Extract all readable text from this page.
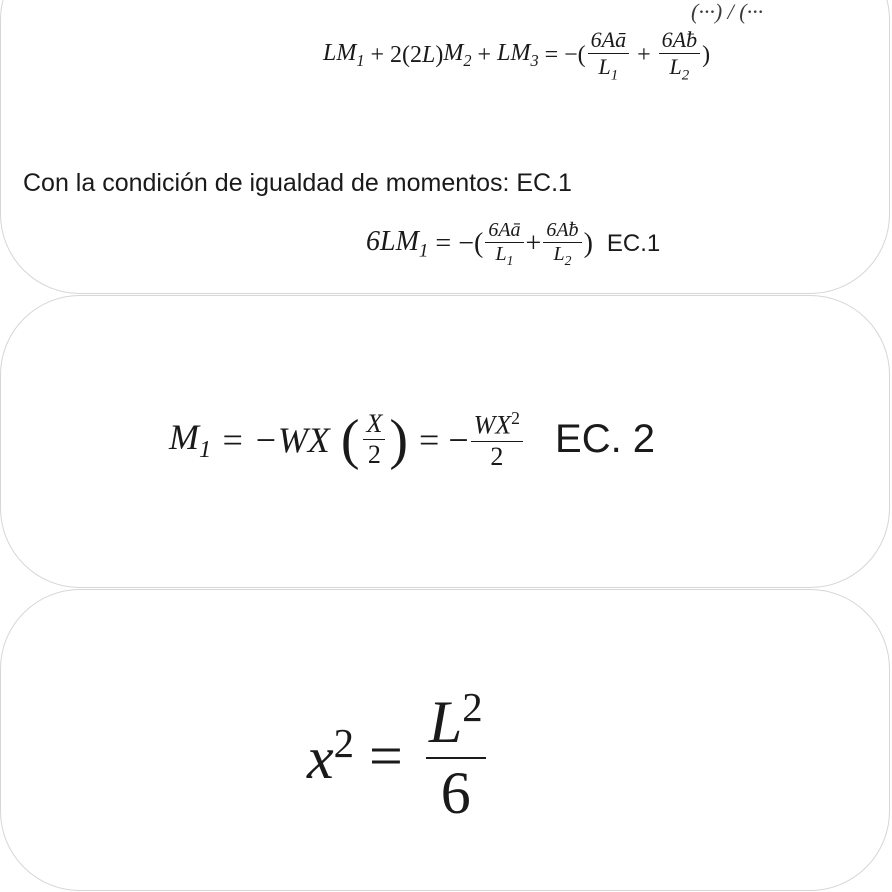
(···) / (···
$LM_1 + 2(2$ L ) $M_2 + LM_3$ = −( $\frac{6Aā}{L_1} + \frac{6Aƀ}{L_2}$ )
Con la condición de igualdad de momentos: EC.1
$6LM_1$ = −( $\frac{6Aā}{L_1} + \frac{6Aƀ}{L_2}$ ) EC.1
$M_1 = -WX$ ( $\frac{X}{2}$ ) = − $\frac{WX^2}{2}$ EC. 2
$x^2 = \frac{L^2}{6}$
